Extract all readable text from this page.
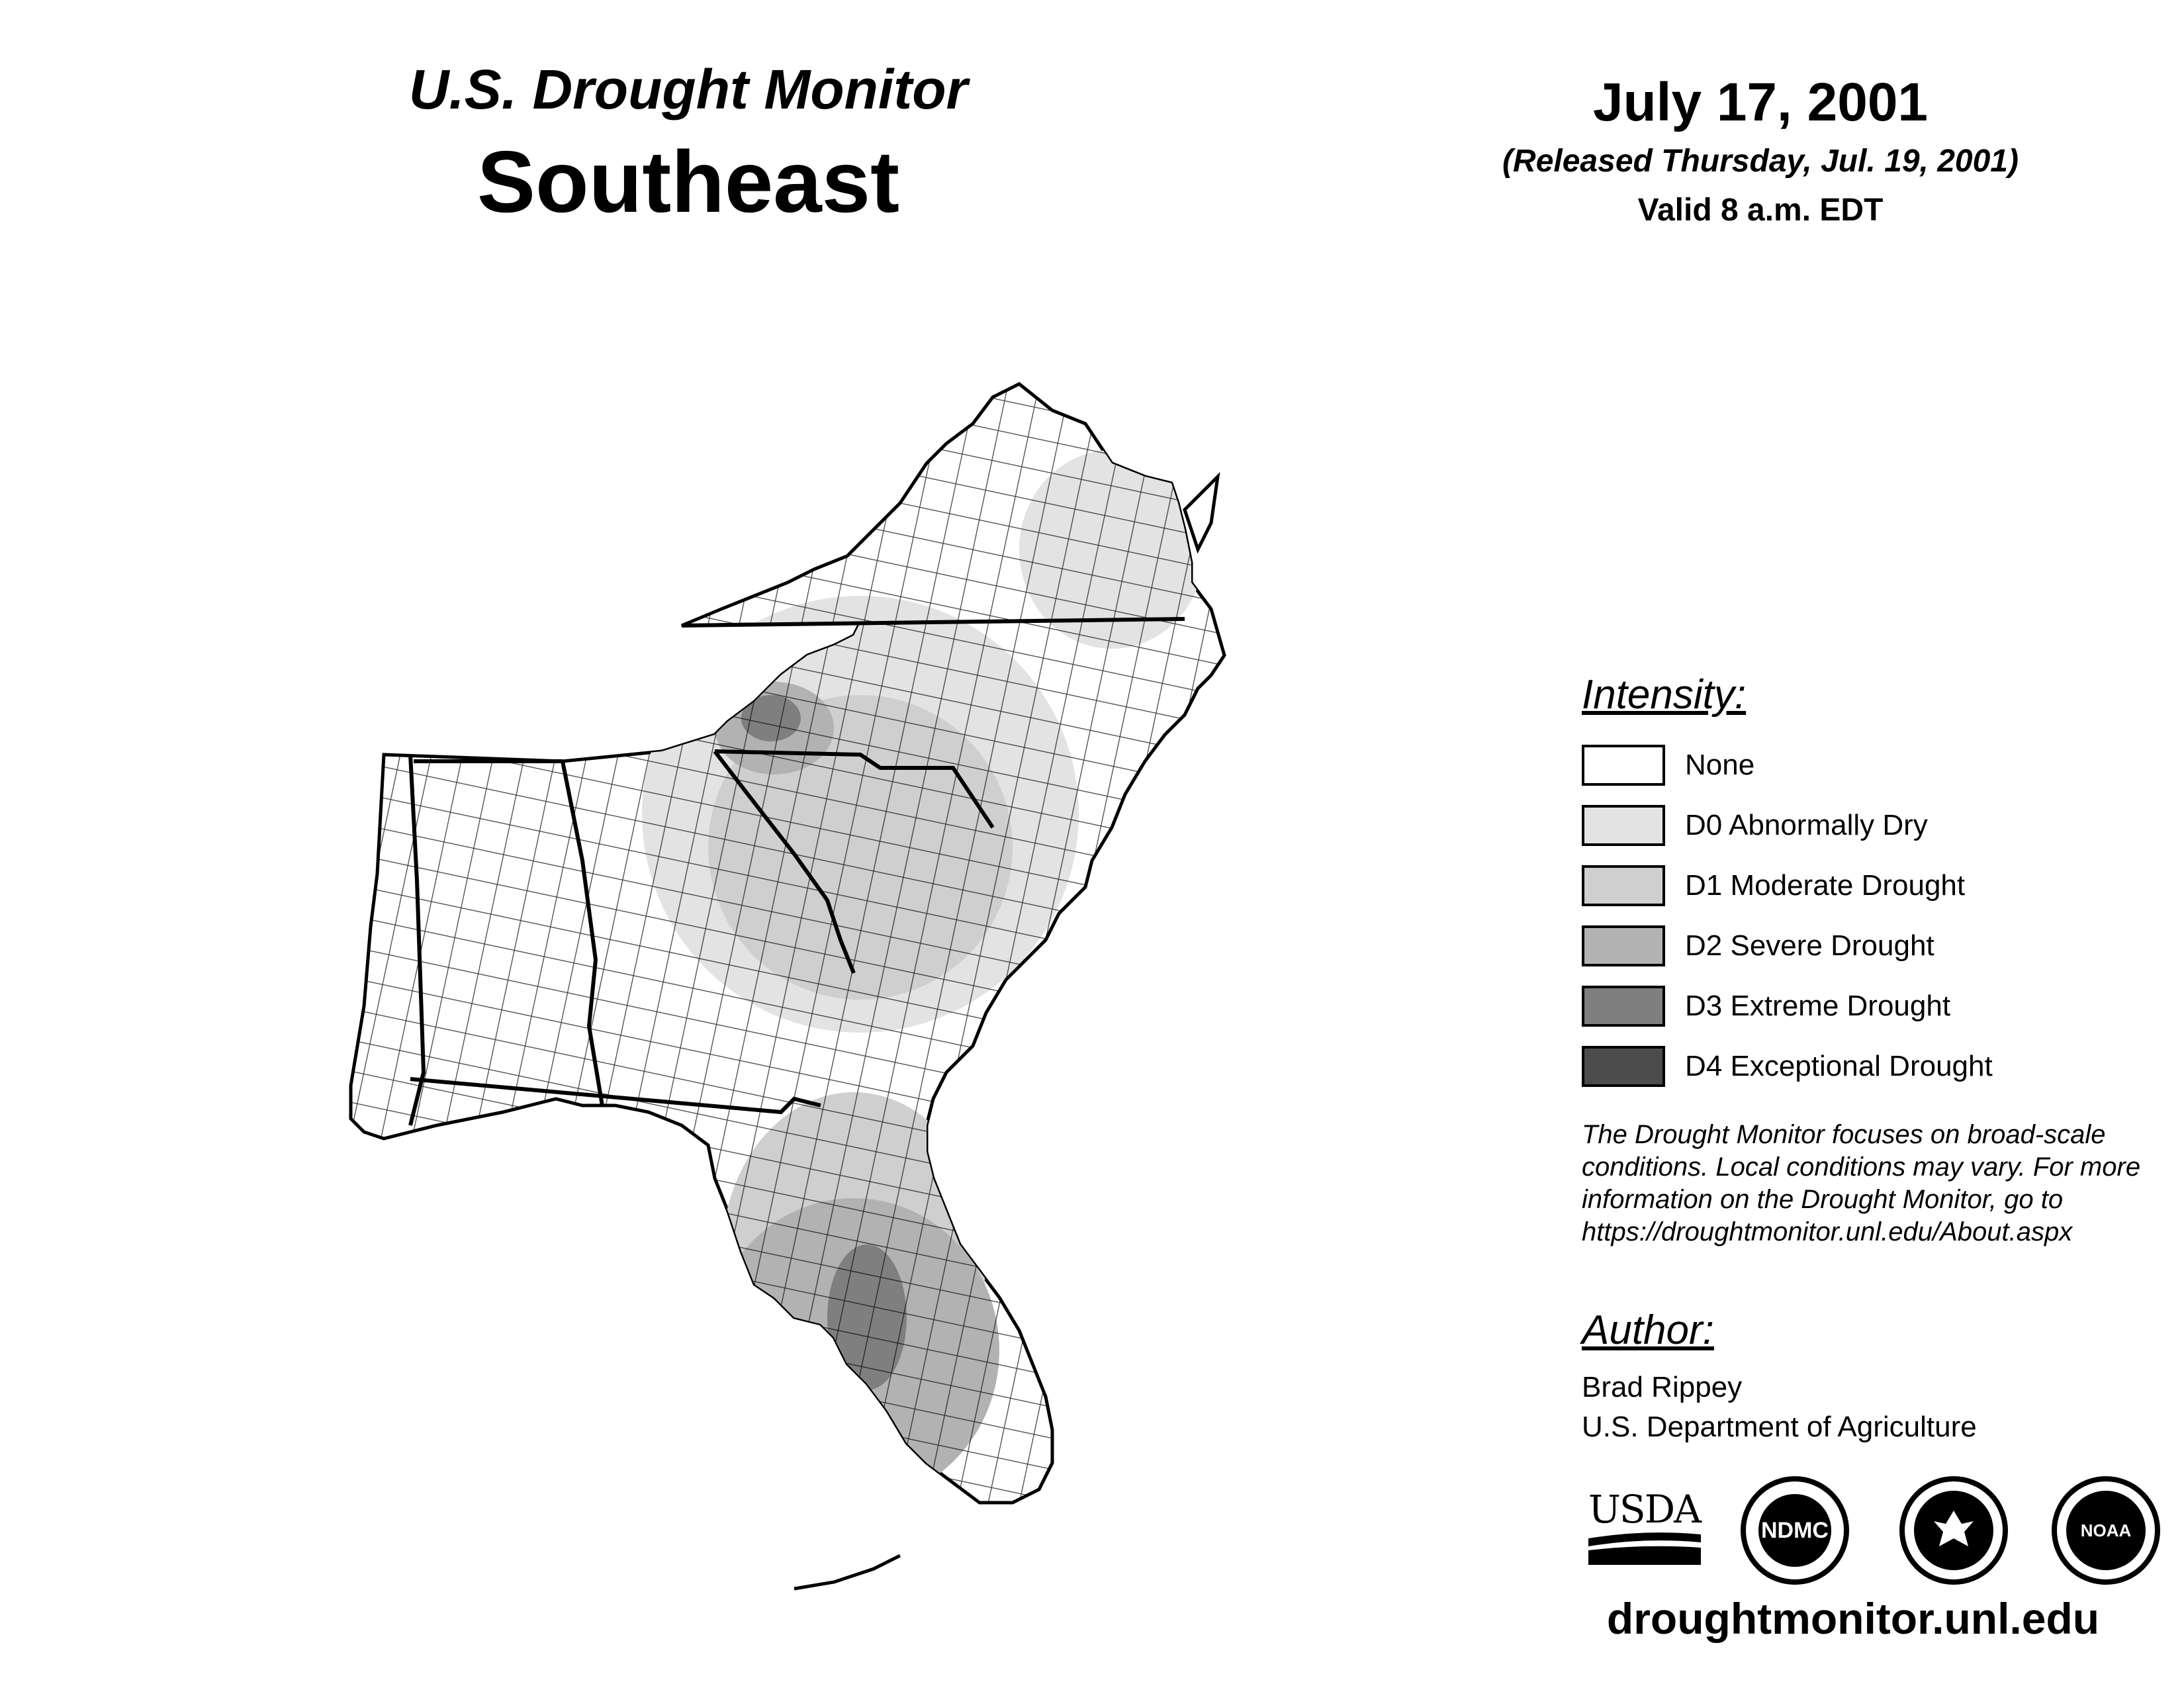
U.S. Drought Monitor
Southeast
July 17, 2001
(Released Thursday, Jul. 19, 2001)
Valid 8 a.m. EDT
Intensity:
None
D0 Abnormally Dry
D1 Moderate Drought
D2 Severe Drought
D3 Extreme Drought
D4 Exceptional Drought
The Drought Monitor focuses on broad-scale
conditions. Local conditions may vary. For more
information on the Drought Monitor, go to
https://droughtmonitor.unl.edu/About.aspx
Author:
Brad Rippey
U.S. Department of Agriculture
USDA	NDMC	NOAA
droughtmonitor.unl.edu
